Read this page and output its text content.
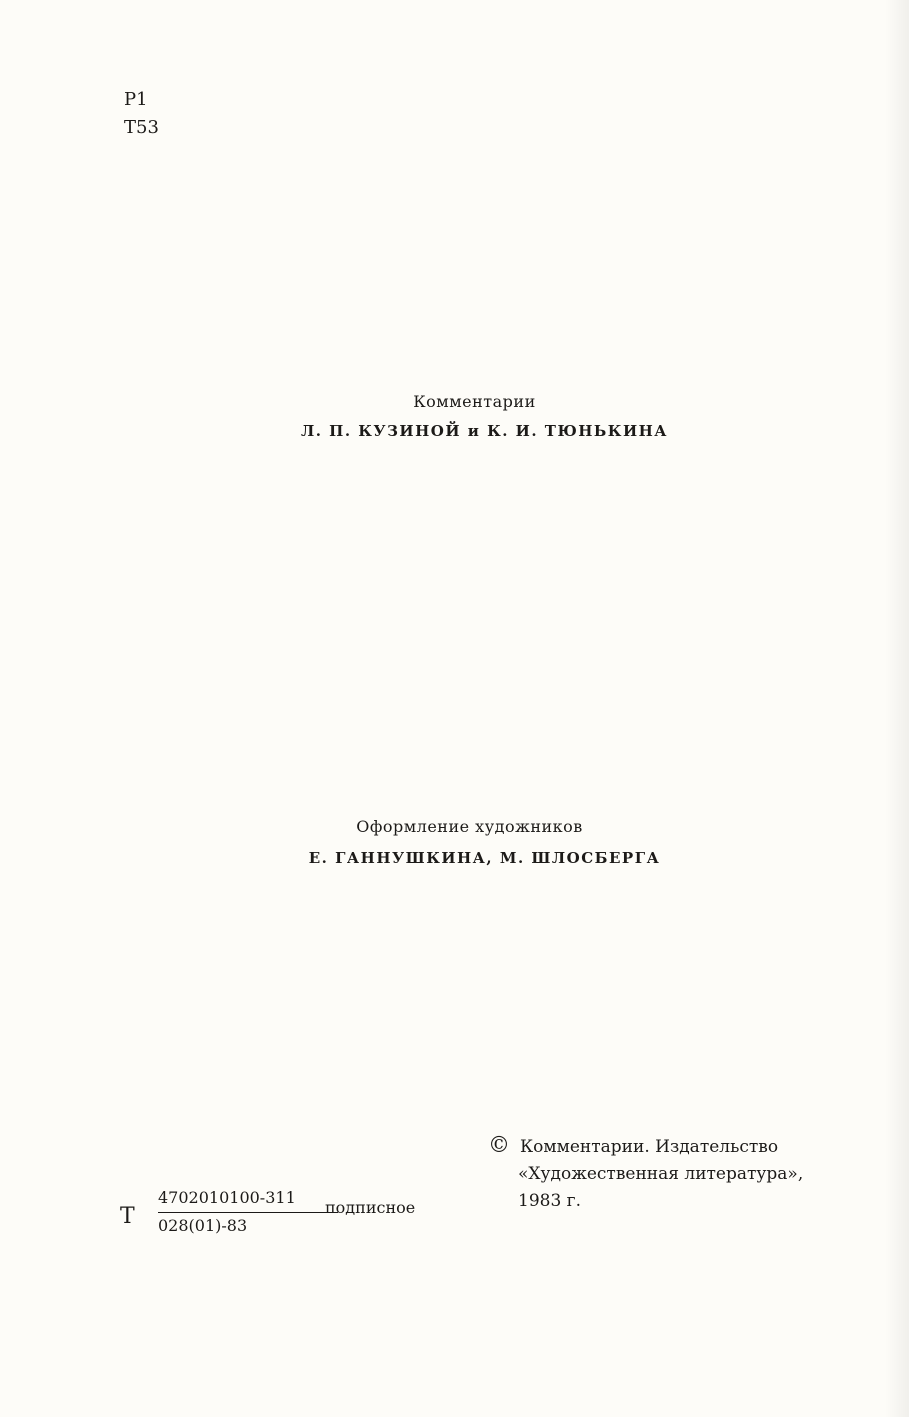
Р1
Т53
Комментарии
Л. П. КУЗИНОЙ и К. И. ТЮНЬКИНА
Оформление художников
Е. ГАННУШКИНА, М. ШЛОСБЕРГА
© Комментарии. Издательство
«Художественная литература»,
1983 г.
Т
4702010100-311
028(01)-83
подписное
